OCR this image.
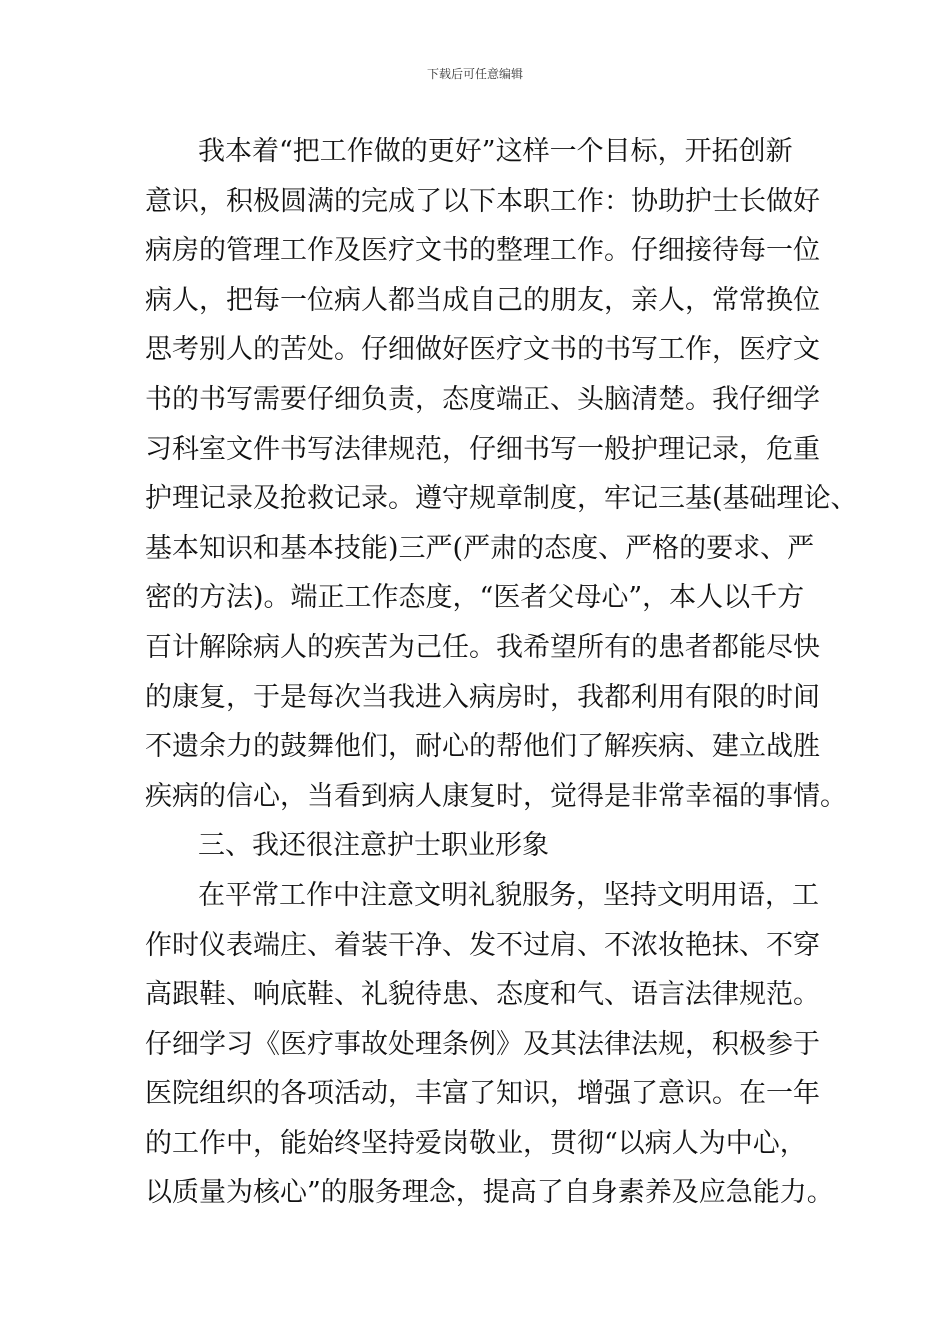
下载后可任意编辑
我本着“把工作做的更好”这样一个目标，开拓创新
意识，积极圆满的完成了以下本职工作：协助护士长做好
病房的管理工作及医疗文书的整理工作。仔细接待每一位
病人，把每一位病人都当成自己的朋友，亲人，常常换位
思考别人的苦处。仔细做好医疗文书的书写工作，医疗文
书的书写需要仔细负责，态度端正、头脑清楚。我仔细学
习科室文件书写法律规范，仔细书写一般护理记录，危重
护理记录及抢救记录。遵守规章制度，牢记三基(基础理论、
基本知识和基本技能)三严(严肃的态度、严格的要求、严
密的方法)。端正工作态度，“医者父母心”，本人以千方
百计解除病人的疾苦为己任。我希望所有的患者都能尽快
的康复，于是每次当我进入病房时，我都利用有限的时间
不遗余力的鼓舞他们，耐心的帮他们了解疾病、建立战胜
疾病的信心，当看到病人康复时，觉得是非常幸福的事情。
三、我还很注意护士职业形象
在平常工作中注意文明礼貌服务，坚持文明用语，工
作时仪表端庄、着装干净、发不过肩、不浓妆艳抹、不穿
高跟鞋、响底鞋、礼貌待患、态度和气、语言法律规范。
仔细学习《医疗事故处理条例》及其法律法规，积极参于
医院组织的各项活动，丰富了知识，增强了意识。在一年
的工作中，能始终坚持爱岗敬业，贯彻“以病人为中心，
以质量为核心”的服务理念，提高了自身素养及应急能力。
